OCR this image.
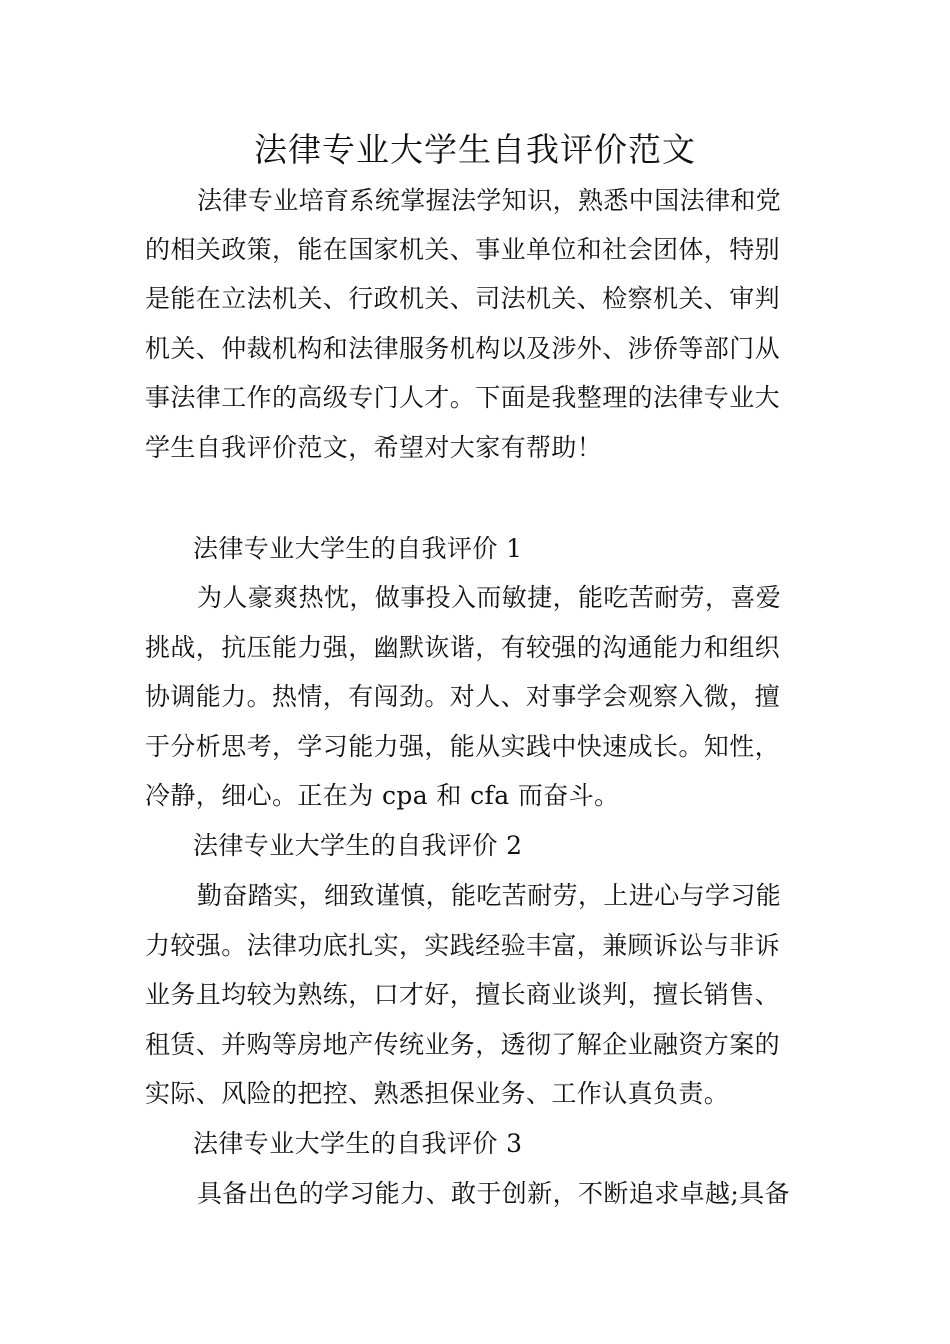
法律专业大学生自我评价范文
法律专业培育系统掌握法学知识，熟悉中国法律和党
的相关政策，能在国家机关、事业单位和社会团体，特别
是能在立法机关、行政机关、司法机关、检察机关、审判
机关、仲裁机构和法律服务机构以及涉外、涉侨等部门从
事法律工作的高级专门人才。下面是我整理的法律专业大
学生自我评价范文，希望对大家有帮助！
法律专业大学生的自我评价 1
为人豪爽热忱，做事投入而敏捷，能吃苦耐劳，喜爱
挑战，抗压能力强，幽默诙谐，有较强的沟通能力和组织
协调能力。热情，有闯劲。对人、对事学会观察入微，擅
于分析思考，学习能力强，能从实践中快速成长。知性，
冷静，细心。正在为 cpa 和 cfa 而奋斗。
法律专业大学生的自我评价 2
勤奋踏实，细致谨慎，能吃苦耐劳，上进心与学习能
力较强。法律功底扎实，实践经验丰富，兼顾诉讼与非诉
业务且均较为熟练，口才好，擅长商业谈判，擅长销售、
租赁、并购等房地产传统业务，透彻了解企业融资方案的
实际、风险的把控、熟悉担保业务、工作认真负责。
法律专业大学生的自我评价 3
具备出色的学习能力、敢于创新，不断追求卓越;具备
